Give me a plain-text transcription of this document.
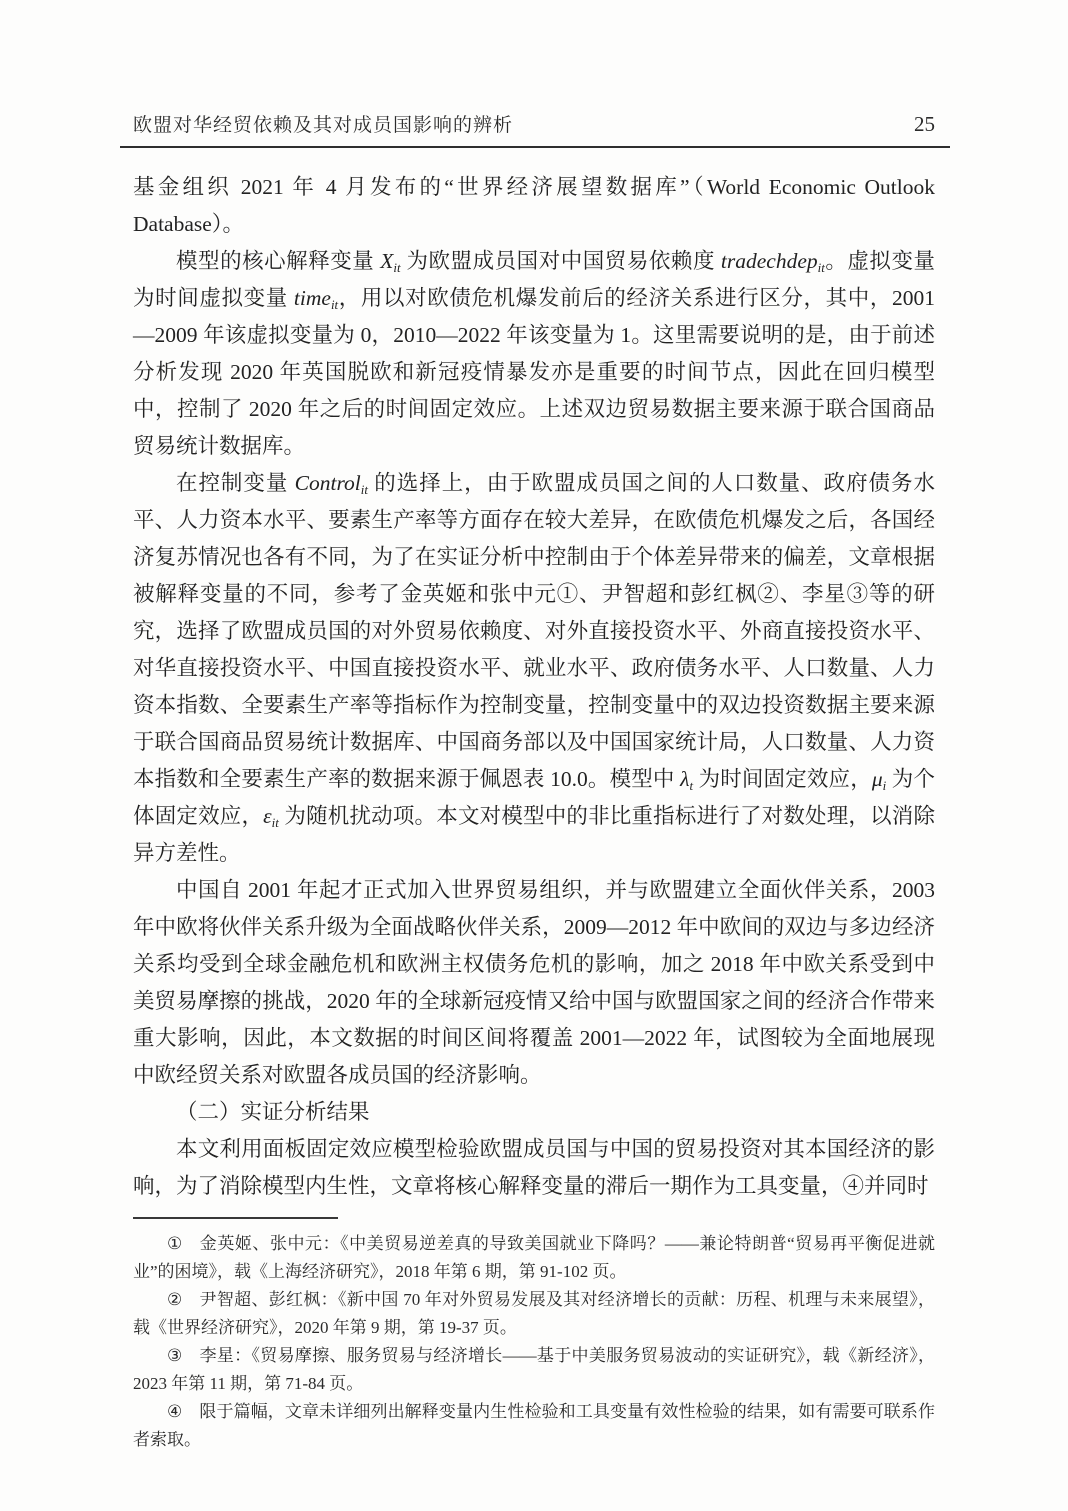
欧盟对华经贸依赖及其对成员国影响的辨析	25

基金组织 2021 年 4 月发布的“世界经济展望数据库”（World Economic Outlook Database）。

模型的核心解释变量 $X_{it}$ 为欧盟成员国对中国贸易依赖度 tradechdep$_{it}$。虚拟变量为时间虚拟变量 time$_{it}$，用以对欧债危机爆发前后的经济关系进行区分，其中，2001—2009 年该虚拟变量为 0，2010—2022 年该变量为 1。这里需要说明的是，由于前述分析发现 2020 年英国脱欧和新冠疫情暴发亦是重要的时间节点，因此在回归模型中，控制了 2020 年之后的时间固定效应。上述双边贸易数据主要来源于联合国商品贸易统计数据库。

在控制变量 Control$_{it}$ 的选择上，由于欧盟成员国之间的人口数量、政府债务水平、人力资本水平、要素生产率等方面存在较大差异，在欧债危机爆发之后，各国经济复苏情况也各有不同，为了在实证分析中控制由于个体差异带来的偏差，文章根据被解释变量的不同，参考了金英姬和张中元①、尹智超和彭红枫②、李星③等的研究，选择了欧盟成员国的对外贸易依赖度、对外直接投资水平、外商直接投资水平、对华直接投资水平、中国直接投资水平、就业水平、政府债务水平、人口数量、人力资本指数、全要素生产率等指标作为控制变量，控制变量中的双边投资数据主要来源于联合国商品贸易统计数据库、中国商务部以及中国国家统计局，人口数量、人力资本指数和全要素生产率的数据来源于佩恩表 10.0。模型中 $\lambda_t$ 为时间固定效应，$\mu_i$ 为个体固定效应，$\varepsilon_{it}$ 为随机扰动项。本文对模型中的非比重指标进行了对数处理，以消除异方差性。

中国自 2001 年起才正式加入世界贸易组织，并与欧盟建立全面伙伴关系，2003 年中欧将伙伴关系升级为全面战略伙伴关系，2009—2012 年中欧间的双边与多边经济关系均受到全球金融危机和欧洲主权债务危机的影响，加之 2018 年中欧关系受到中美贸易摩擦的挑战，2020 年的全球新冠疫情又给中国与欧盟国家之间的经济合作带来重大影响，因此，本文数据的时间区间将覆盖 2001—2022 年，试图较为全面地展现中欧经贸关系对欧盟各成员国的经济影响。

（二）实证分析结果

本文利用面板固定效应模型检验欧盟成员国与中国的贸易投资对其本国经济的影响，为了消除模型内生性，文章将核心解释变量的滞后一期作为工具变量，④并同时

① 金英姬、张中元：《中美贸易逆差真的导致美国就业下降吗？——兼论特朗普“贸易再平衡促进就业”的困境》，载《上海经济研究》，2018 年第 6 期，第 91-102 页。

② 尹智超、彭红枫：《新中国 70 年对外贸易发展及其对经济增长的贡献：历程、机理与未来展望》，载《世界经济研究》，2020 年第 9 期，第 19-37 页。

③ 李星：《贸易摩擦、服务贸易与经济增长——基于中美服务贸易波动的实证研究》，载《新经济》，2023 年第 11 期，第 71-84 页。

④ 限于篇幅，文章未详细列出解释变量内生性检验和工具变量有效性检验的结果，如有需要可联系作者索取。
